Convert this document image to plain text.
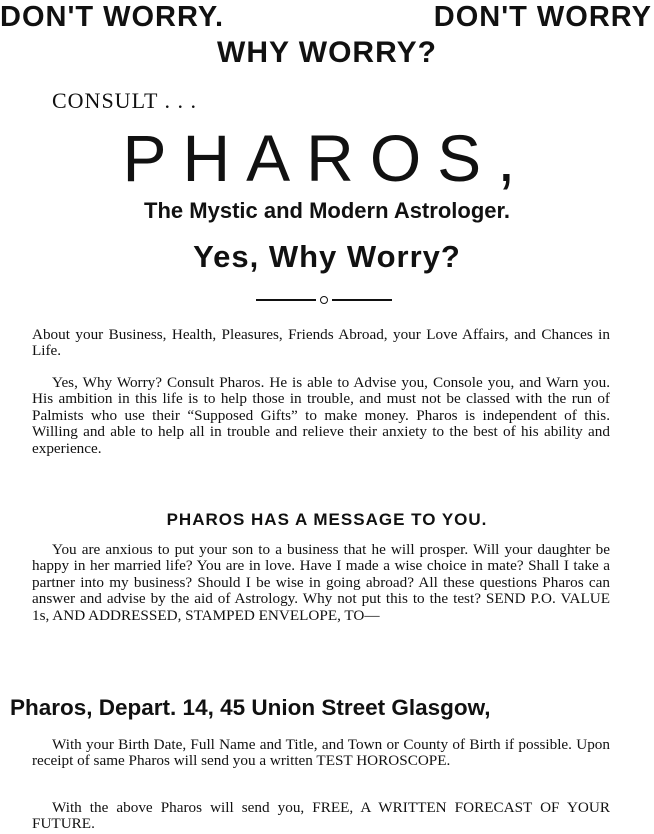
DON'T WORRY.	DON'T WORRY
WHY WORRY?
CONSULT . . .
PHAROS,
The Mystic and Modern Astrologer.
Yes, Why Worry?

About your Business, Health, Pleasures, Friends Abroad, your Love Affairs, and Chances in Life.

Yes, Why Worry? Consult Pharos. He is able to Advise you, Console you, and Warn you. His ambition in this life is to help those in trouble, and must not be classed with the run of Palmists who use their “Supposed Gifts” to make money. Pharos is independent of this. Willing and able to help all in trouble and relieve their anxiety to the best of his ability and experience.

PHAROS HAS A MESSAGE TO YOU.

You are anxious to put your son to a business that he will prosper. Will your daughter be happy in her married life? You are in love. Have I made a wise choice in mate? Shall I take a partner into my business? Should I be wise in going abroad? All these questions Pharos can answer and advise by the aid of Astrology. Why not put this to the test? SEND P.O. VALUE 1s, AND ADDRESSED, STAMPED ENVELOPE, TO—

Pharos, Depart. 14, 45 Union Street Glasgow,

With your Birth Date, Full Name and Title, and Town or County of Birth if possible. Upon receipt of same Pharos will send you a written TEST HOROSCOPE.

With the above Pharos will send you, FREE, A WRITTEN FORECAST OF YOUR FUTURE.
